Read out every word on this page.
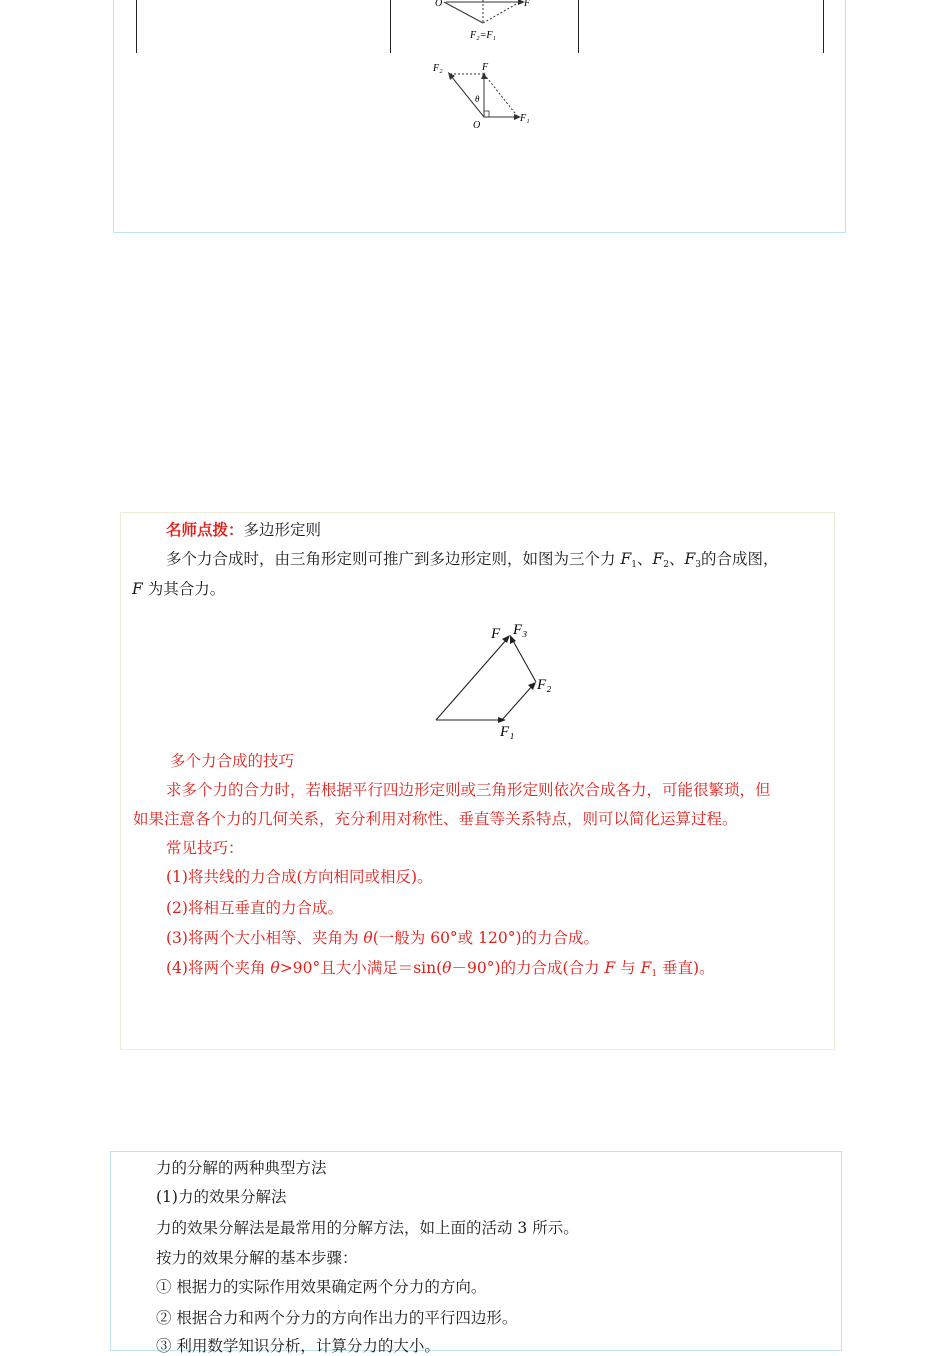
O	F
F₂=F₁
F₂	F
θ
O
F₁
名师点拨：多边形定则
多个力合成时，由三角形定则可推广到多边形定则，如图为三个力 $F_1$、$F_2$、$F_3$的合成图，
F 为其合力。
F F₃
F₂
F₁
多个力合成的技巧
求多个力的合力时，若根据平行四边形定则或三角形定则依次合成各力，可能很繁琐，但
如果注意各个力的几何关系，充分利用对称性、垂直等关系特点，则可以简化运算过程。
常见技巧：
(1)将共线的力合成(方向相同或相反)。
(2)将相互垂直的力合成。
(3)将两个大小相等、夹角为 θ(一般为 60°或 120°)的力合成。
(4)将两个夹角 θ>90°且大小满足＝sin(θ－90°)的力合成(合力 F 与 $F_1$ 垂直)。
力的分解的两种典型方法
(1)力的效果分解法
力的效果分解法是最常用的分解方法，如上面的活动 3 所示。
按力的效果分解的基本步骤：
① 根据力的实际作用效果确定两个分力的方向。
② 根据合力和两个分力的方向作出力的平行四边形。
③ 利用数学知识分析，计算分力的大小。
